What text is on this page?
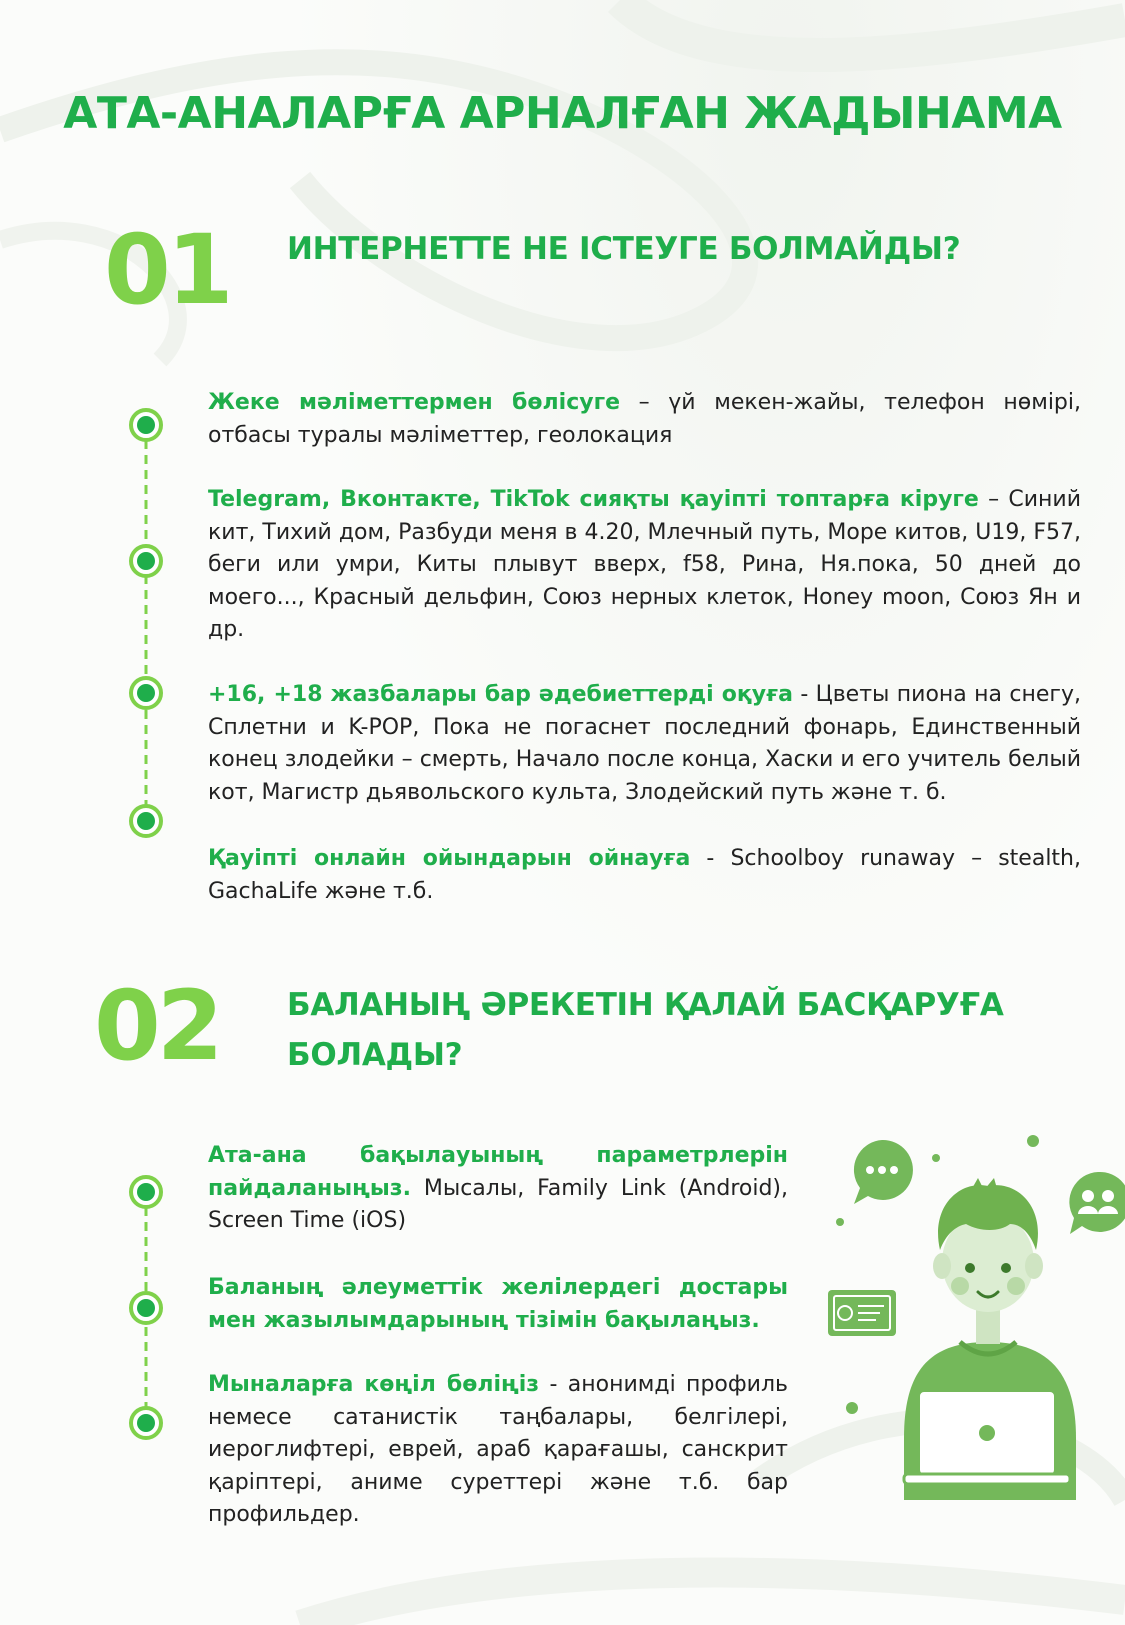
АТА-АНАЛАРҒА АРНАЛҒАН ЖАДЫНАМА
01 ИНТЕРНЕТТЕ НЕ ІСТЕУГЕ БОЛМАЙДЫ?

Жеке мәліметтермен бөлісуге – үй мекен-жайы, телефон нөмірі, отбасы туралы мәліметтер, геолокация

Telegram, Вконтакте, TikTok сияқты қауіпті топтарға кіруге – Синий кит, Тихий дом, Разбуди меня в 4.20, Млечный путь, Море китов, U19, F57, беги или умри, Киты плывут вверх, f58, Рина, Ня.пока, 50 дней до моего..., Красный дельфин, Союз нерных клеток, Honey moon, Союз Ян и др.

+16, +18 жазбалары бар әдебиеттерді оқуға - Цветы пиона на снегу, Сплетни и K-POP, Пока не погаснет последний фонарь, Единственный конец злодейки – смерть, Начало после конца, Хаски и его учитель белый кот, Магистр дьявольского культа, Злодейский путь және т. б.

Қауіпті онлайн ойындарын ойнауға - Schoolboy runaway – stealth, GachaLife және т.б.

02 БАЛАНЫҢ ӘРЕКЕТІН ҚАЛАЙ БАСҚАРУҒА БОЛАДЫ?

Ата-ана бақылауының параметрлерін пайдаланыңыз. Мысалы, Family Link (Android), Screen Time (iOS)

Баланың әлеуметтік желілердегі достары мен жазылымдарының тізімін бақылаңыз.

Мыналарға көңіл бөліңіз - анонимді профиль немесе сатанистік таңбалары, белгілері, иероглифтері, еврей, араб қарағашы, санскрит қаріптері, аниме суреттері және т.б. бар профильдер.
